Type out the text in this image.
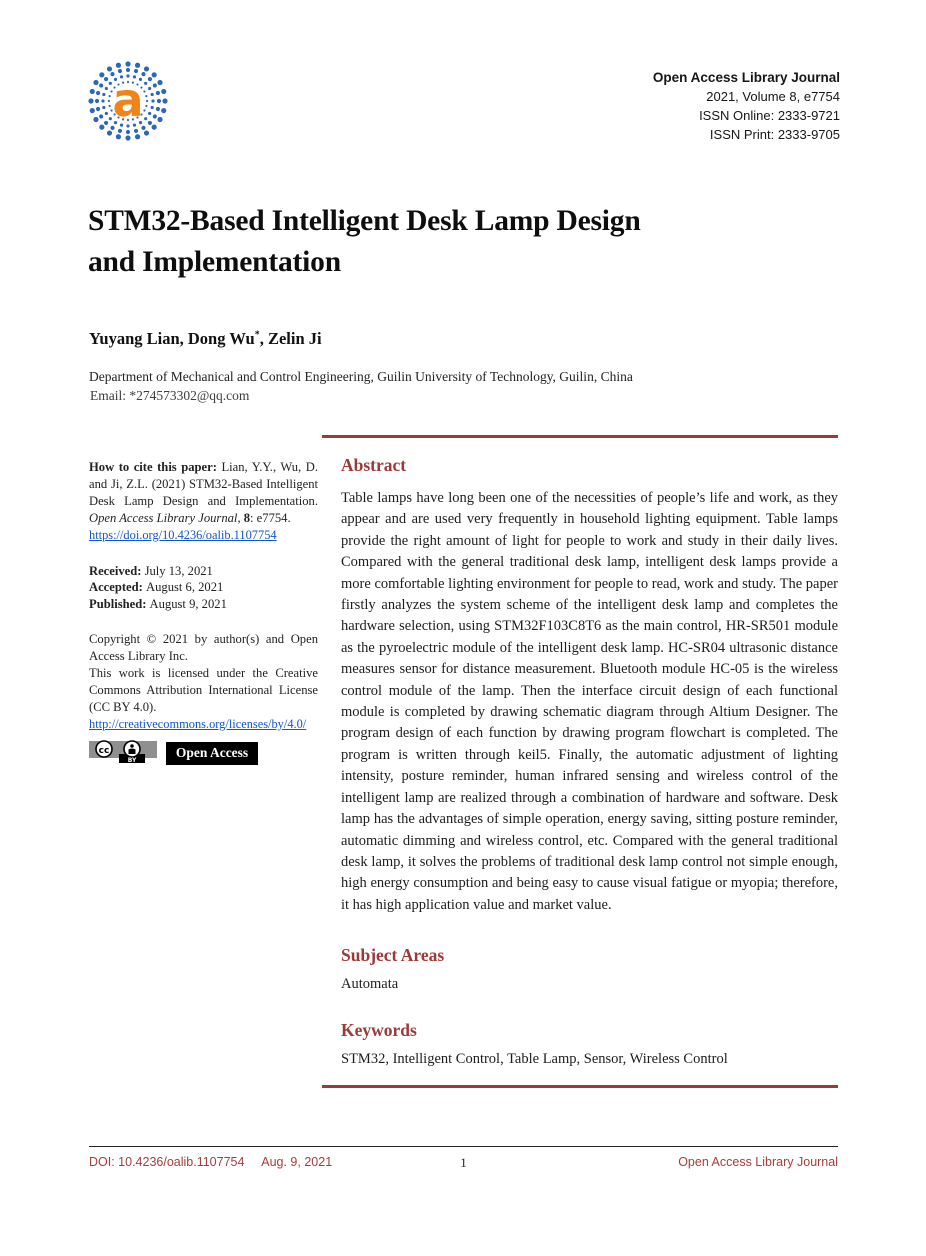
a	Open Access Library Journal
2021, Volume 8, e7754
ISSN Online: 2333-9721
ISSN Print: 2333-9705
STM32-Based Intelligent Desk Lamp Design
and Implementation
Yuyang Lian, Dong Wu*, Zelin Ji
Department of Mechanical and Control Engineering, Guilin University of Technology, Guilin, China
Email: *274573302@qq.com

How to cite this paper: Lian, Y.Y., Wu, D. and Ji, Z.L. (2021) STM32-Based Intelligent Desk Lamp Design and Implementation. Open Access Library Journal, 8: e7754.
https://doi.org/10.4236/oalib.1107754

Received: July 13, 2021
Accepted: August 6, 2021
Published: August 9, 2021

Copyright © 2021 by author(s) and Open Access Library Inc.

This work is licensed under the Creative Commons Attribution International License (CC BY 4.0).

http://creativecommons.org/licenses/by/4.0/
cc
BY	Open Access
Abstract

Table lamps have long been one of the necessities of people’s life and work, as they appear and are used very frequently in household lighting equipment. Table lamps provide the right amount of light for people to work and study in their daily lives. Compared with the general traditional desk lamp, intelligent desk lamps provide a more comfortable lighting environment for people to read, work and study. The paper firstly analyzes the system scheme of the intelligent desk lamp and completes the hardware selection, using STM32F103C8T6 as the main control, HR-SR501 module as the pyroelectric module of the intelligent desk lamp. HC-SR04 ultrasonic distance measures sensor for distance measurement. Bluetooth module HC-05 is the wireless control module of the lamp. Then the interface circuit design of each functional module is completed by drawing schematic diagram through Altium Designer. The program design of each function by drawing program flowchart is completed. The program is written through keil5. Finally, the automatic adjustment of lighting intensity, posture reminder, human infrared sensing and wireless control of the intelligent lamp are realized through a combination of hardware and software. Desk lamp has the advantages of simple operation, energy saving, sitting posture reminder, automatic dimming and wireless control, etc. Compared with the general traditional desk lamp, it solves the problems of traditional desk lamp control not simple enough, high energy consumption and being easy to cause visual fatigue or myopia; therefore, it has high application value and market value.

Subject Areas

Automata

Keywords

STM32, Intelligent Control, Table Lamp, Sensor, Wireless Control

DOI: 10.4236/oalib.1107754 Aug. 9, 2021	1	Open Access Library Journal
